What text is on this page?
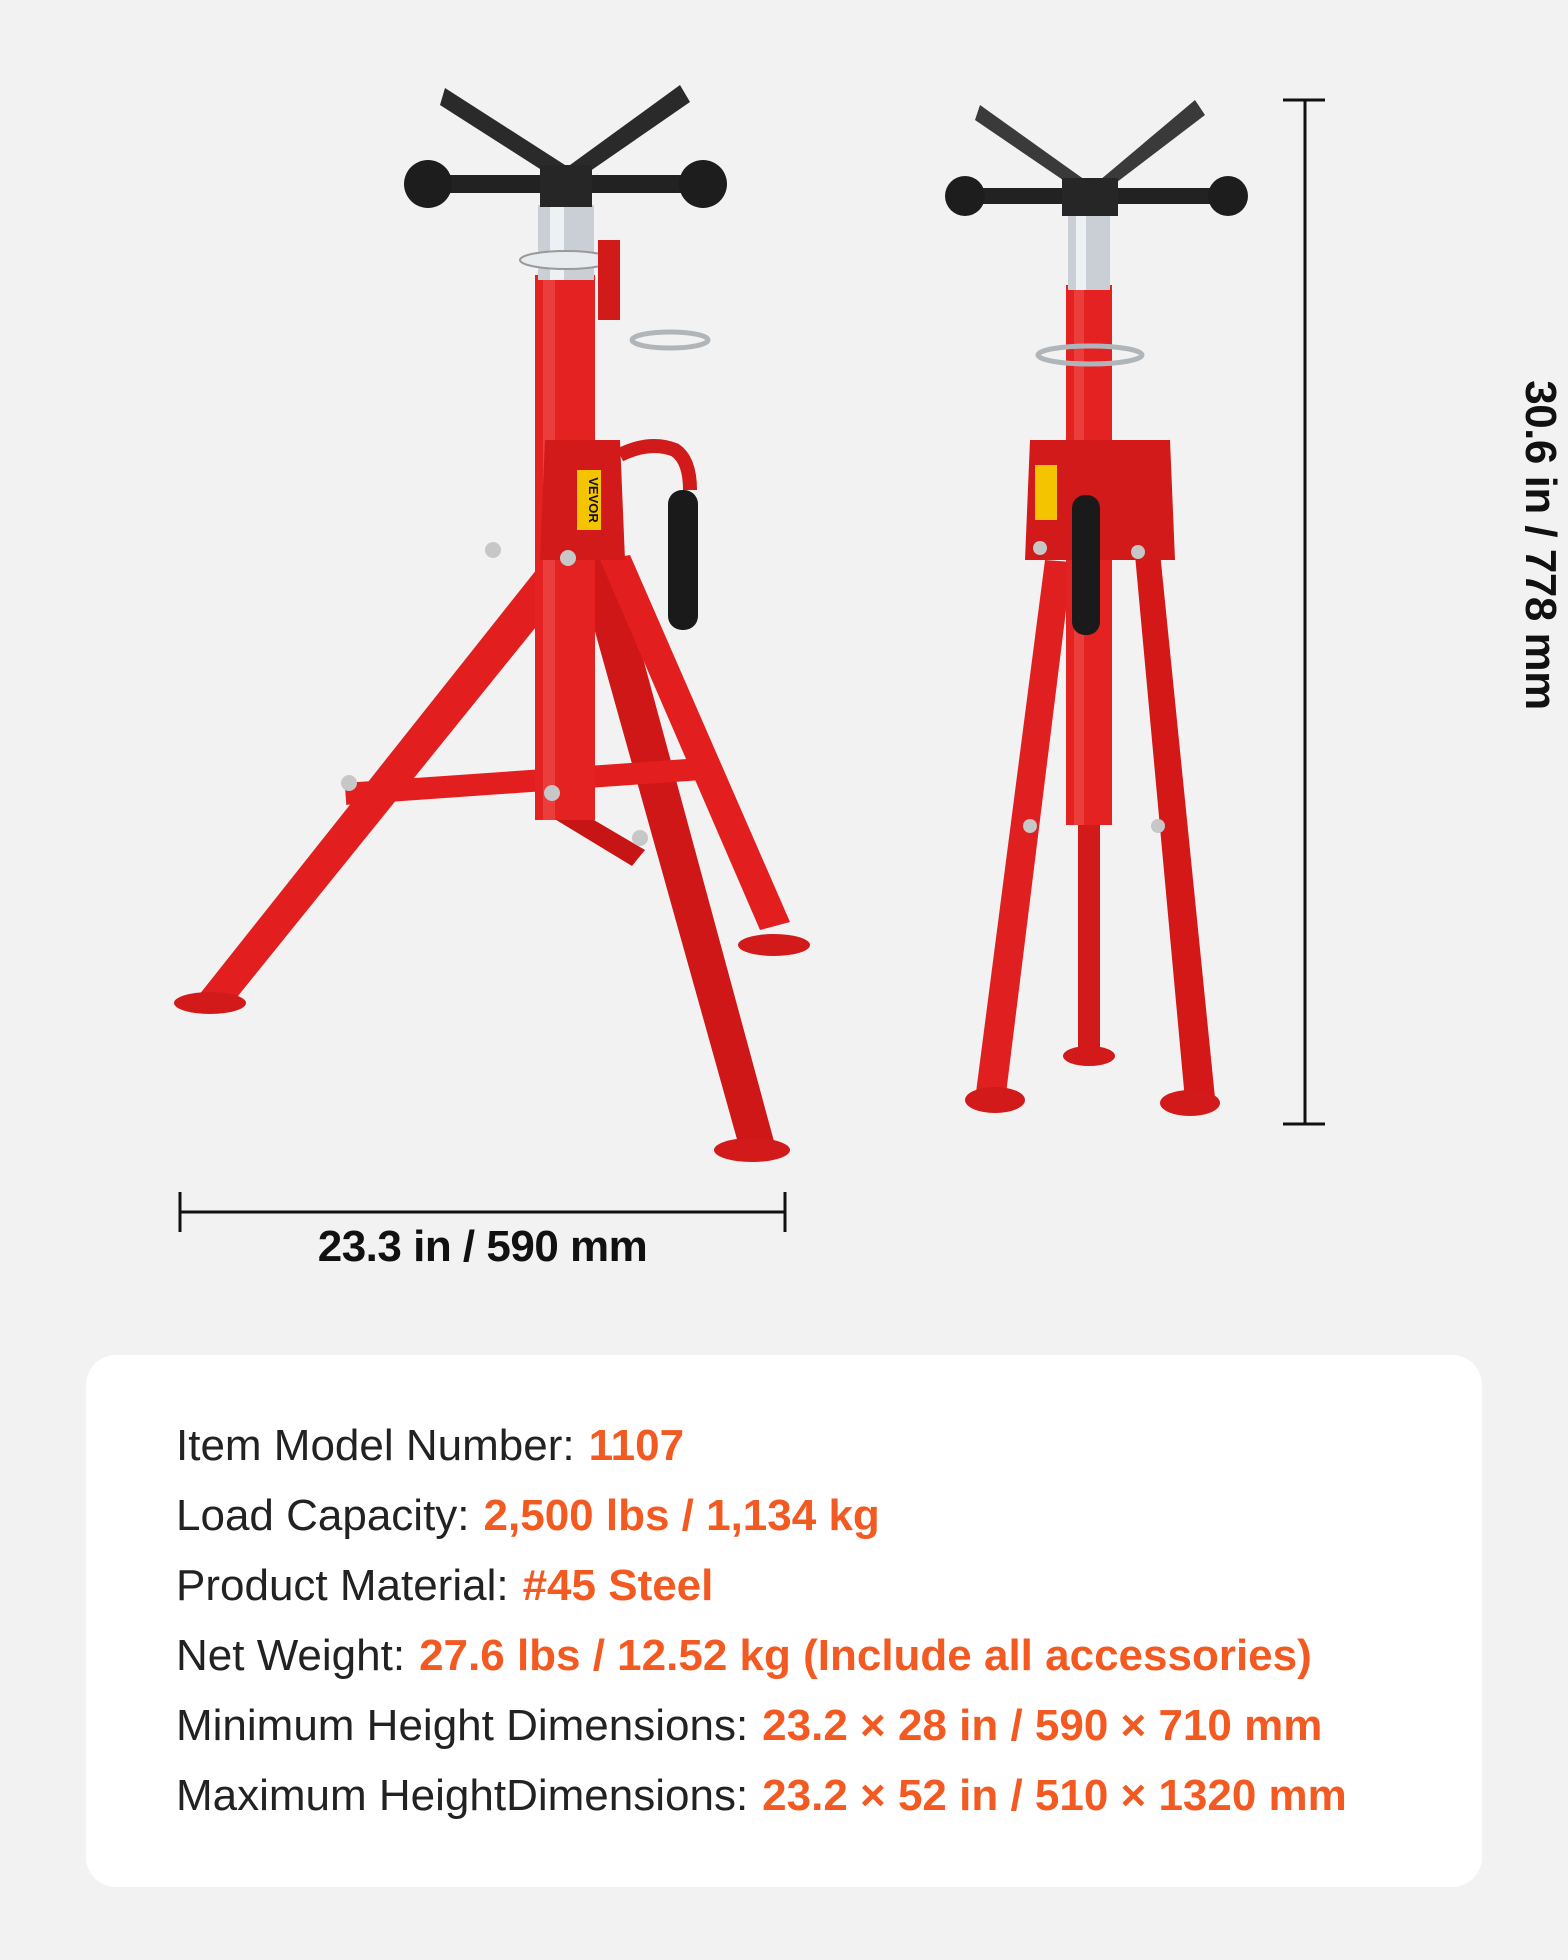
VEVOR
23.3 in / 590 mm
30.6 in / 778 mm
Item Model Number: 1107
Load Capacity: 2,500 lbs / 1,134 kg
Product Material: #45 Steel
Net Weight: 27.6 lbs / 12.52 kg (Include all accessories)
Minimum Height Dimensions: 23.2 × 28 in / 590 × 710 mm
Maximum HeightDimensions: 23.2 × 52 in / 510 × 1320 mm
